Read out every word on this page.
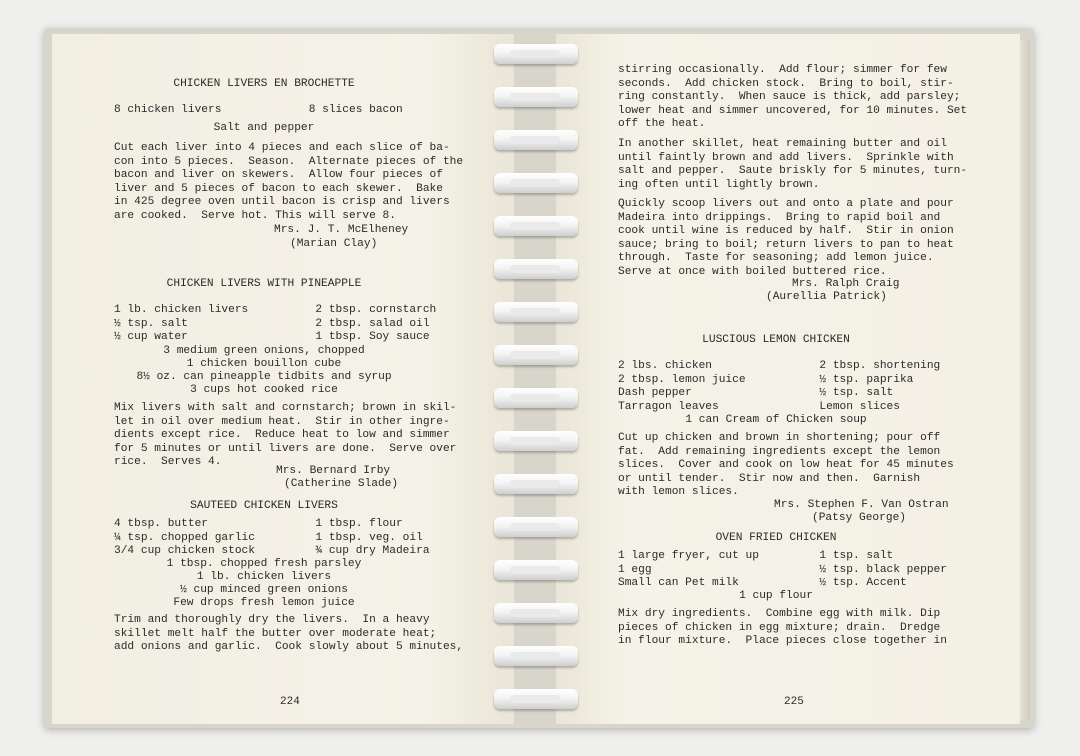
CHICKEN LIVERS EN BROCHETTE
8 chicken livers             8 slices bacon
Salt and pepper
Cut each liver into 4 pieces and each slice of ba-
con into 5 pieces.  Season.  Alternate pieces of the
bacon and liver on skewers.  Allow four pieces of
liver and 5 pieces of bacon to each skewer.  Bake
in 425 degree oven until bacon is crisp and livers
are cooked.  Serve hot. This will serve 8.
Mrs. J. T. McElheney
(Marian Clay)
CHICKEN LIVERS WITH PINEAPPLE
1 lb. chicken livers          2 tbsp. cornstarch
½ tsp. salt                   2 tbsp. salad oil
½ cup water                   1 tbsp. Soy sauce
3 medium green onions, chopped
1 chicken bouillon cube
8½ oz. can pineapple tidbits and syrup
3 cups hot cooked rice
Mix livers with salt and cornstarch; brown in skil-
let in oil over medium heat.  Stir in other ingre-
dients except rice.  Reduce heat to low and simmer
for 5 minutes or until livers are done.  Serve over
rice.  Serves 4.
Mrs. Bernard Irby
(Catherine Slade)
SAUTEED CHICKEN LIVERS
4 tbsp. butter                1 tbsp. flour
¼ tsp. chopped garlic         1 tbsp. veg. oil
3/4 cup chicken stock         ¾ cup dry Madeira
1 tbsp. chopped fresh parsley
1 lb. chicken livers
½ cup minced green onions
Few drops fresh lemon juice
Trim and thoroughly dry the livers.  In a heavy
skillet melt half the butter over moderate heat;
add onions and garlic.  Cook slowly about 5 minutes,
224
stirring occasionally.  Add flour; simmer for few
seconds.  Add chicken stock.  Bring to boil, stir-
ring constantly.  When sauce is thick, add parsley;
lower heat and simmer uncovered, for 10 minutes. Set
off the heat.
In another skillet, heat remaining butter and oil
until faintly brown and add livers.  Sprinkle with
salt and pepper.  Saute briskly for 5 minutes, turn-
ing often until lightly brown.
Quickly scoop livers out and onto a plate and pour
Madeira into drippings.  Bring to rapid boil and
cook until wine is reduced by half.  Stir in onion
sauce; bring to boil; return livers to pan to heat
through.  Taste for seasoning; add lemon juice.
Serve at once with boiled buttered rice.
Mrs. Ralph Craig
(Aurellia Patrick)
LUSCIOUS LEMON CHICKEN
2 lbs. chicken                2 tbsp. shortening
2 tbsp. lemon juice           ½ tsp. paprika
Dash pepper                   ½ tsp. salt
Tarragon leaves               Lemon slices
1 can Cream of Chicken soup
Cut up chicken and brown in shortening; pour off
fat.  Add remaining ingredients except the lemon
slices.  Cover and cook on low heat for 45 minutes
or until tender.  Stir now and then.  Garnish
with lemon slices.
Mrs. Stephen F. Van Ostran
(Patsy George)
OVEN FRIED CHICKEN
1 large fryer, cut up         1 tsp. salt
1 egg                         ½ tsp. black pepper
Small can Pet milk            ½ tsp. Accent
1 cup flour
Mix dry ingredients.  Combine egg with milk. Dip
pieces of chicken in egg mixture; drain.  Dredge
in flour mixture.  Place pieces close together in
225
